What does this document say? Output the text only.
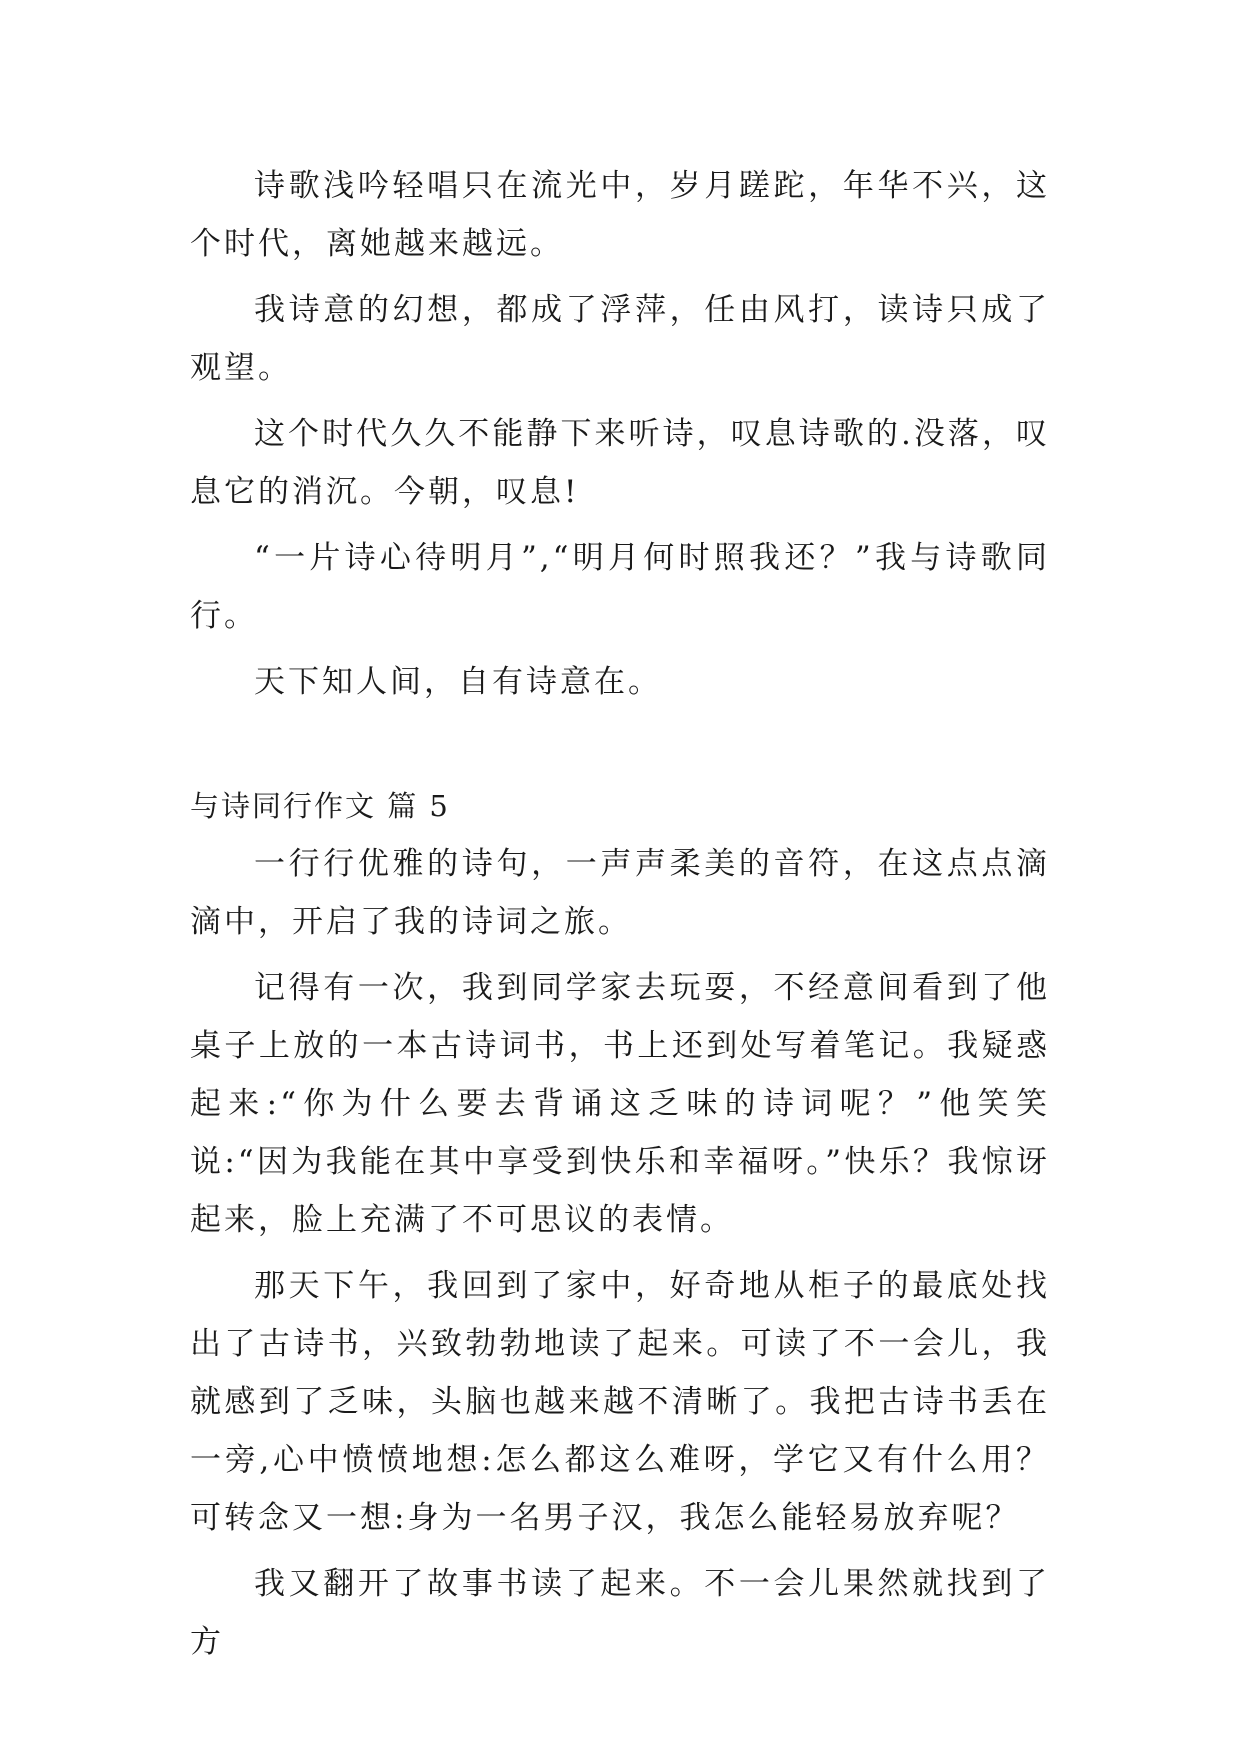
诗歌浅吟轻唱只在流光中，岁月蹉跎，年华不兴，这个时代，离她越来越远。

我诗意的幻想，都成了浮萍，任由风打，读诗只成了观望。

这个时代久久不能静下来听诗，叹息诗歌的.没落，叹息它的消沉。今朝，叹息!

“一片诗心待明月”,“明月何时照我还？”我与诗歌同行。

天下知人间，自有诗意在。

与诗同行作文 篇 5

一行行优雅的诗句，一声声柔美的音符，在这点点滴滴中，开启了我的诗词之旅。

记得有一次，我到同学家去玩耍，不经意间看到了他桌子上放的一本古诗词书，书上还到处写着笔记。我疑惑起来:“你为什么要去背诵这乏味的诗词呢？”他笑笑说:“因为我能在其中享受到快乐和幸福呀。”快乐？我惊讶起来，脸上充满了不可思议的表情。

那天下午，我回到了家中，好奇地从柜子的最底处找出了古诗书，兴致勃勃地读了起来。可读了不一会儿，我就感到了乏味，头脑也越来越不清晰了。我把古诗书丢在一旁,心中愤愤地想:怎么都这么难呀，学它又有什么用？可转念又一想:身为一名男子汉，我怎么能轻易放弃呢？

我又翻开了故事书读了起来。不一会儿果然就找到了方
